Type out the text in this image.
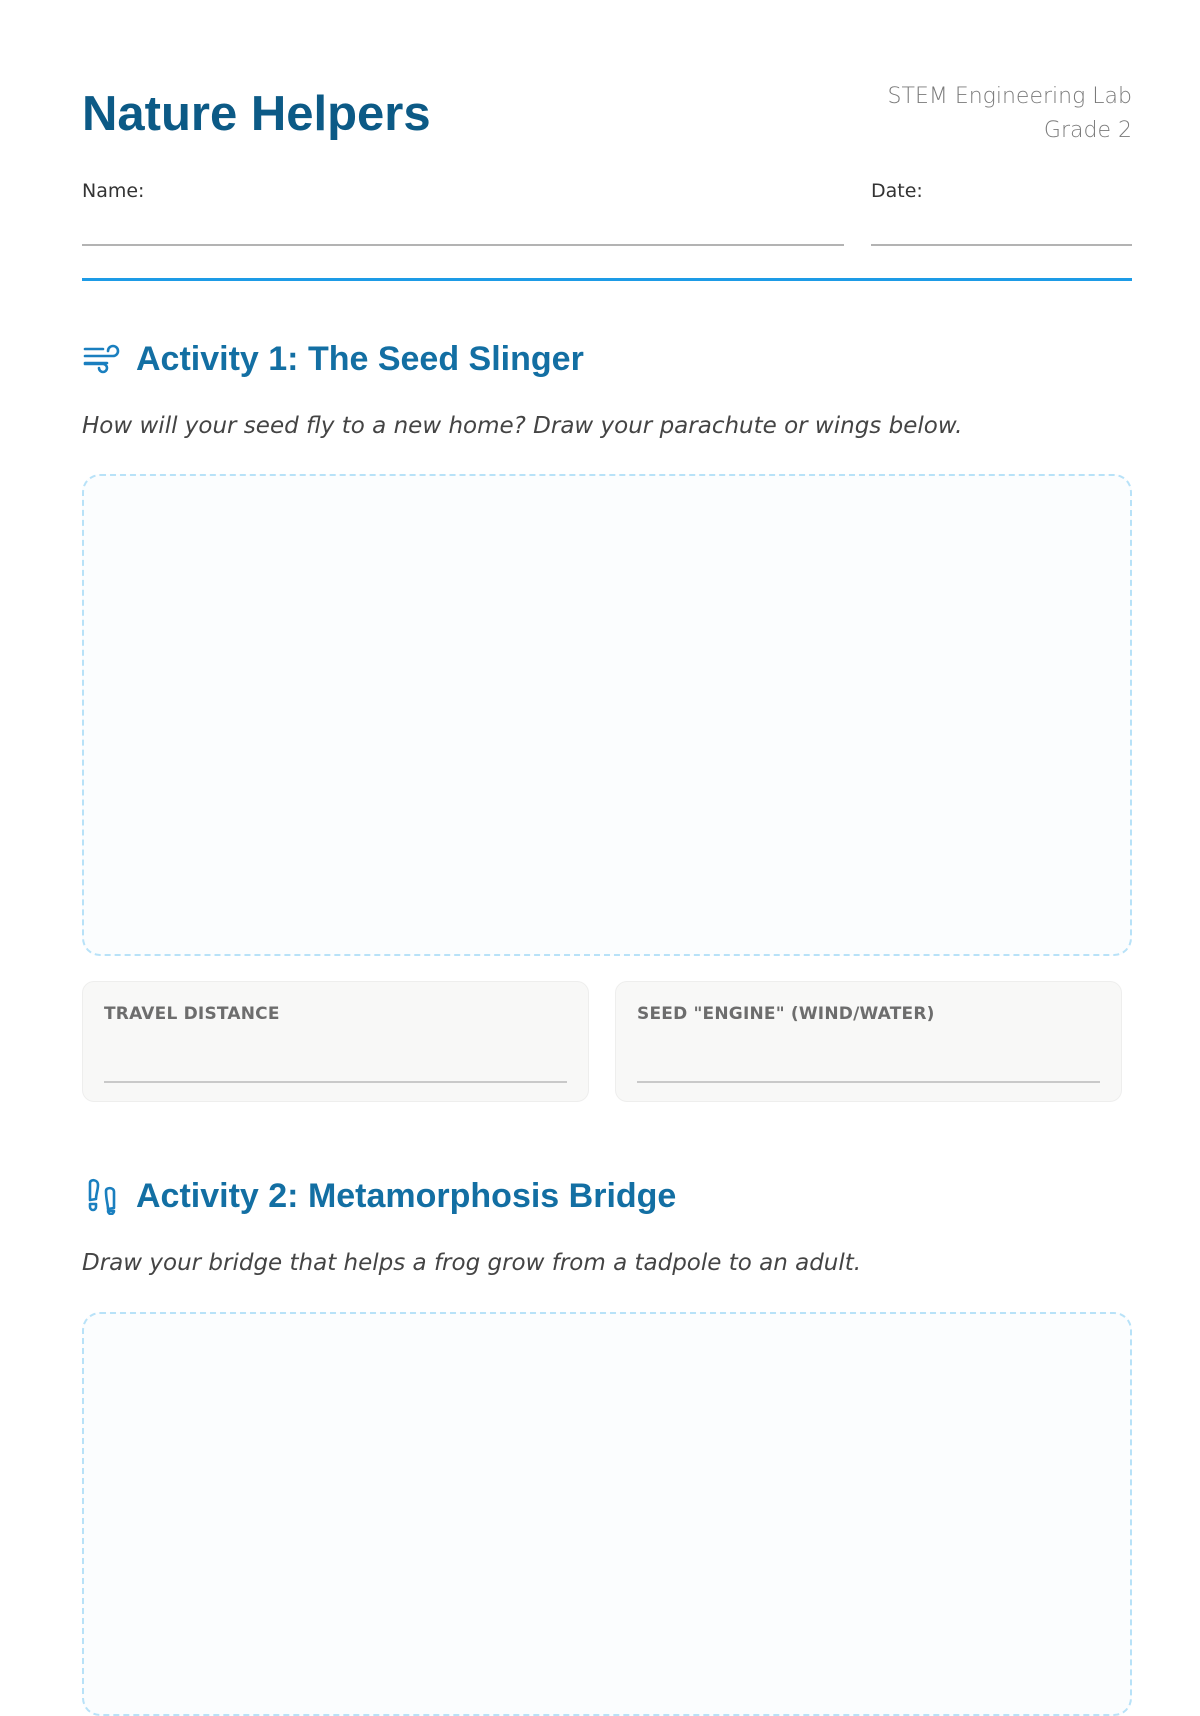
Nature Helpers	STEM Engineering Lab
Grade 2
Name:	Date:
Activity 1: The Seed Slinger
How will your seed fly to a new home? Draw your parachute or wings below.
TRAVEL DISTANCE	SEED "ENGINE" (WIND/WATER)
Activity 2: Metamorphosis Bridge
Draw your bridge that helps a frog grow from a tadpole to an adult.
